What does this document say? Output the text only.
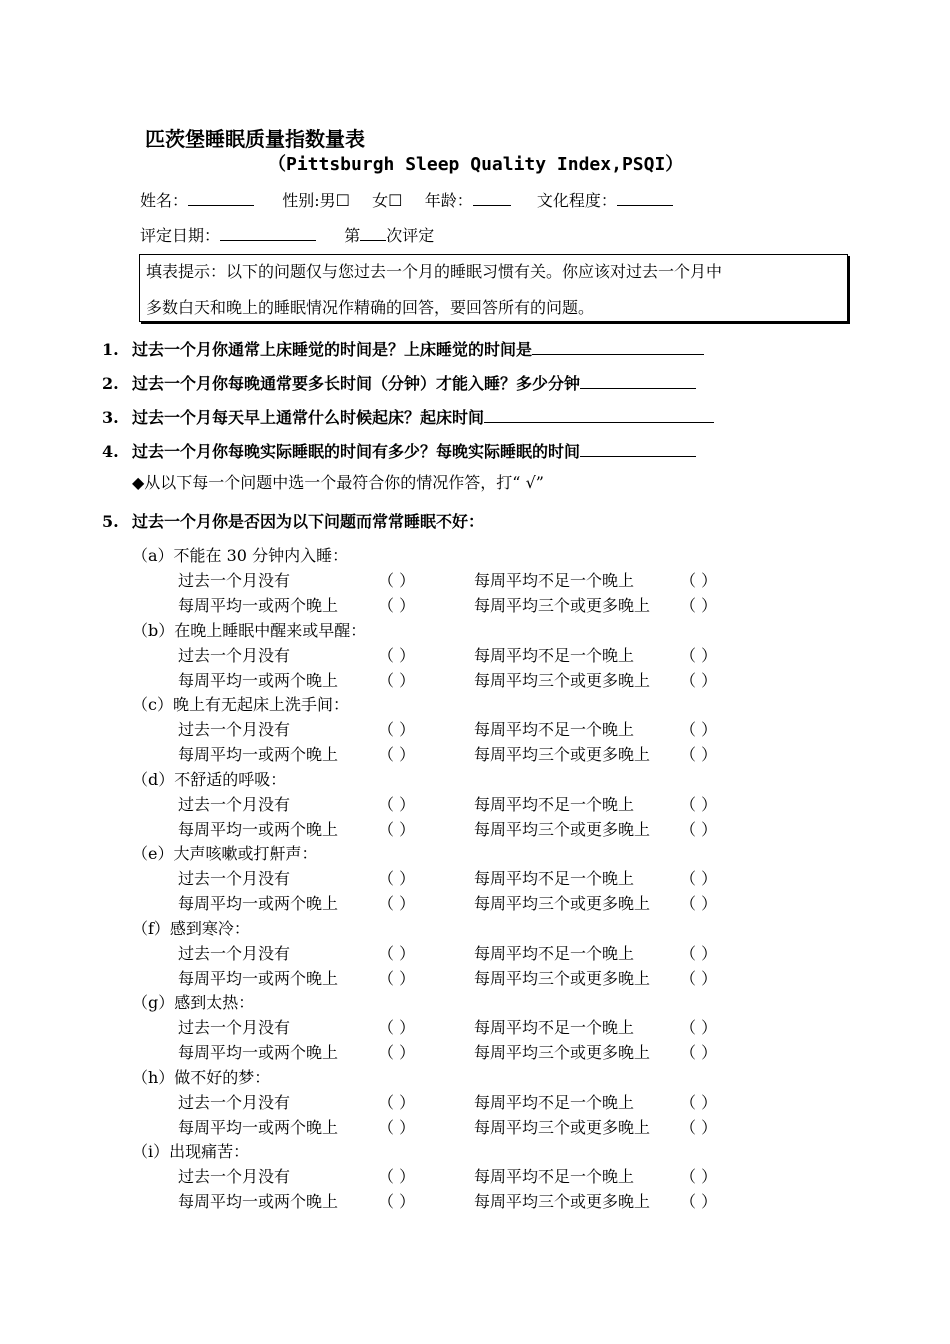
匹茨堡睡眠质量指数量表
（Pittsburgh Sleep Quality Index,PSQI）
姓名：	性别:男☐ 女☐ 年龄：	文化程度：
评定日期：	第 次评定
填表提示：以下的问题仅与您过去一个月的睡眠习惯有关。你应该对过去一个月中
多数白天和晚上的睡眠情况作精确的回答，要回答所有的问题。
1. 过去一个月你通常上床睡觉的时间是？上床睡觉的时间是
2. 过去一个月你每晚通常要多长时间（分钟）才能入睡？多少分钟
3. 过去一个月每天早上通常什么时候起床？起床时间
4. 过去一个月你每晚实际睡眠的时间有多少？每晚实际睡眠的时间
◆从以下每一个问题中选一个最符合你的情况作答，打“ √”
5. 过去一个月你是否因为以下问题而常常睡眠不好：
（a）不能在 30 分钟内入睡：
过去一个月没有	（ ）	每周平均不足一个晚上	（ ）
每周平均一或两个晚上 （ ）	每周平均三个或更多晚上 （ ）
（b）在晚上睡眠中醒来或早醒：
过去一个月没有	（ ）	每周平均不足一个晚上	（ ）
每周平均一或两个晚上 （ ）	每周平均三个或更多晚上 （ ）
（c）晚上有无起床上洗手间：
过去一个月没有	（ ）	每周平均不足一个晚上	（ ）
每周平均一或两个晚上 （ ）	每周平均三个或更多晚上 （ ）
（d）不舒适的呼吸：
过去一个月没有	（ ）	每周平均不足一个晚上	（ ）
每周平均一或两个晚上 （ ）	每周平均三个或更多晚上 （ ）
（e）大声咳嗽或打鼾声：
过去一个月没有	（ ）	每周平均不足一个晚上	（ ）
每周平均一或两个晚上 （ ）	每周平均三个或更多晚上 （ ）
（f）感到寒冷：
过去一个月没有	（ ）	每周平均不足一个晚上	（ ）
每周平均一或两个晚上 （ ）	每周平均三个或更多晚上 （ ）
（g）感到太热：
过去一个月没有	（ ）	每周平均不足一个晚上	（ ）
每周平均一或两个晚上 （ ）	每周平均三个或更多晚上 （ ）
（h）做不好的梦：
过去一个月没有	（ ）	每周平均不足一个晚上	（ ）
每周平均一或两个晚上 （ ）	每周平均三个或更多晚上 （ ）
（i）出现痛苦：
过去一个月没有	（ ）	每周平均不足一个晚上	（ ）
每周平均一或两个晚上 （ ）	每周平均三个或更多晚上 （ ）
